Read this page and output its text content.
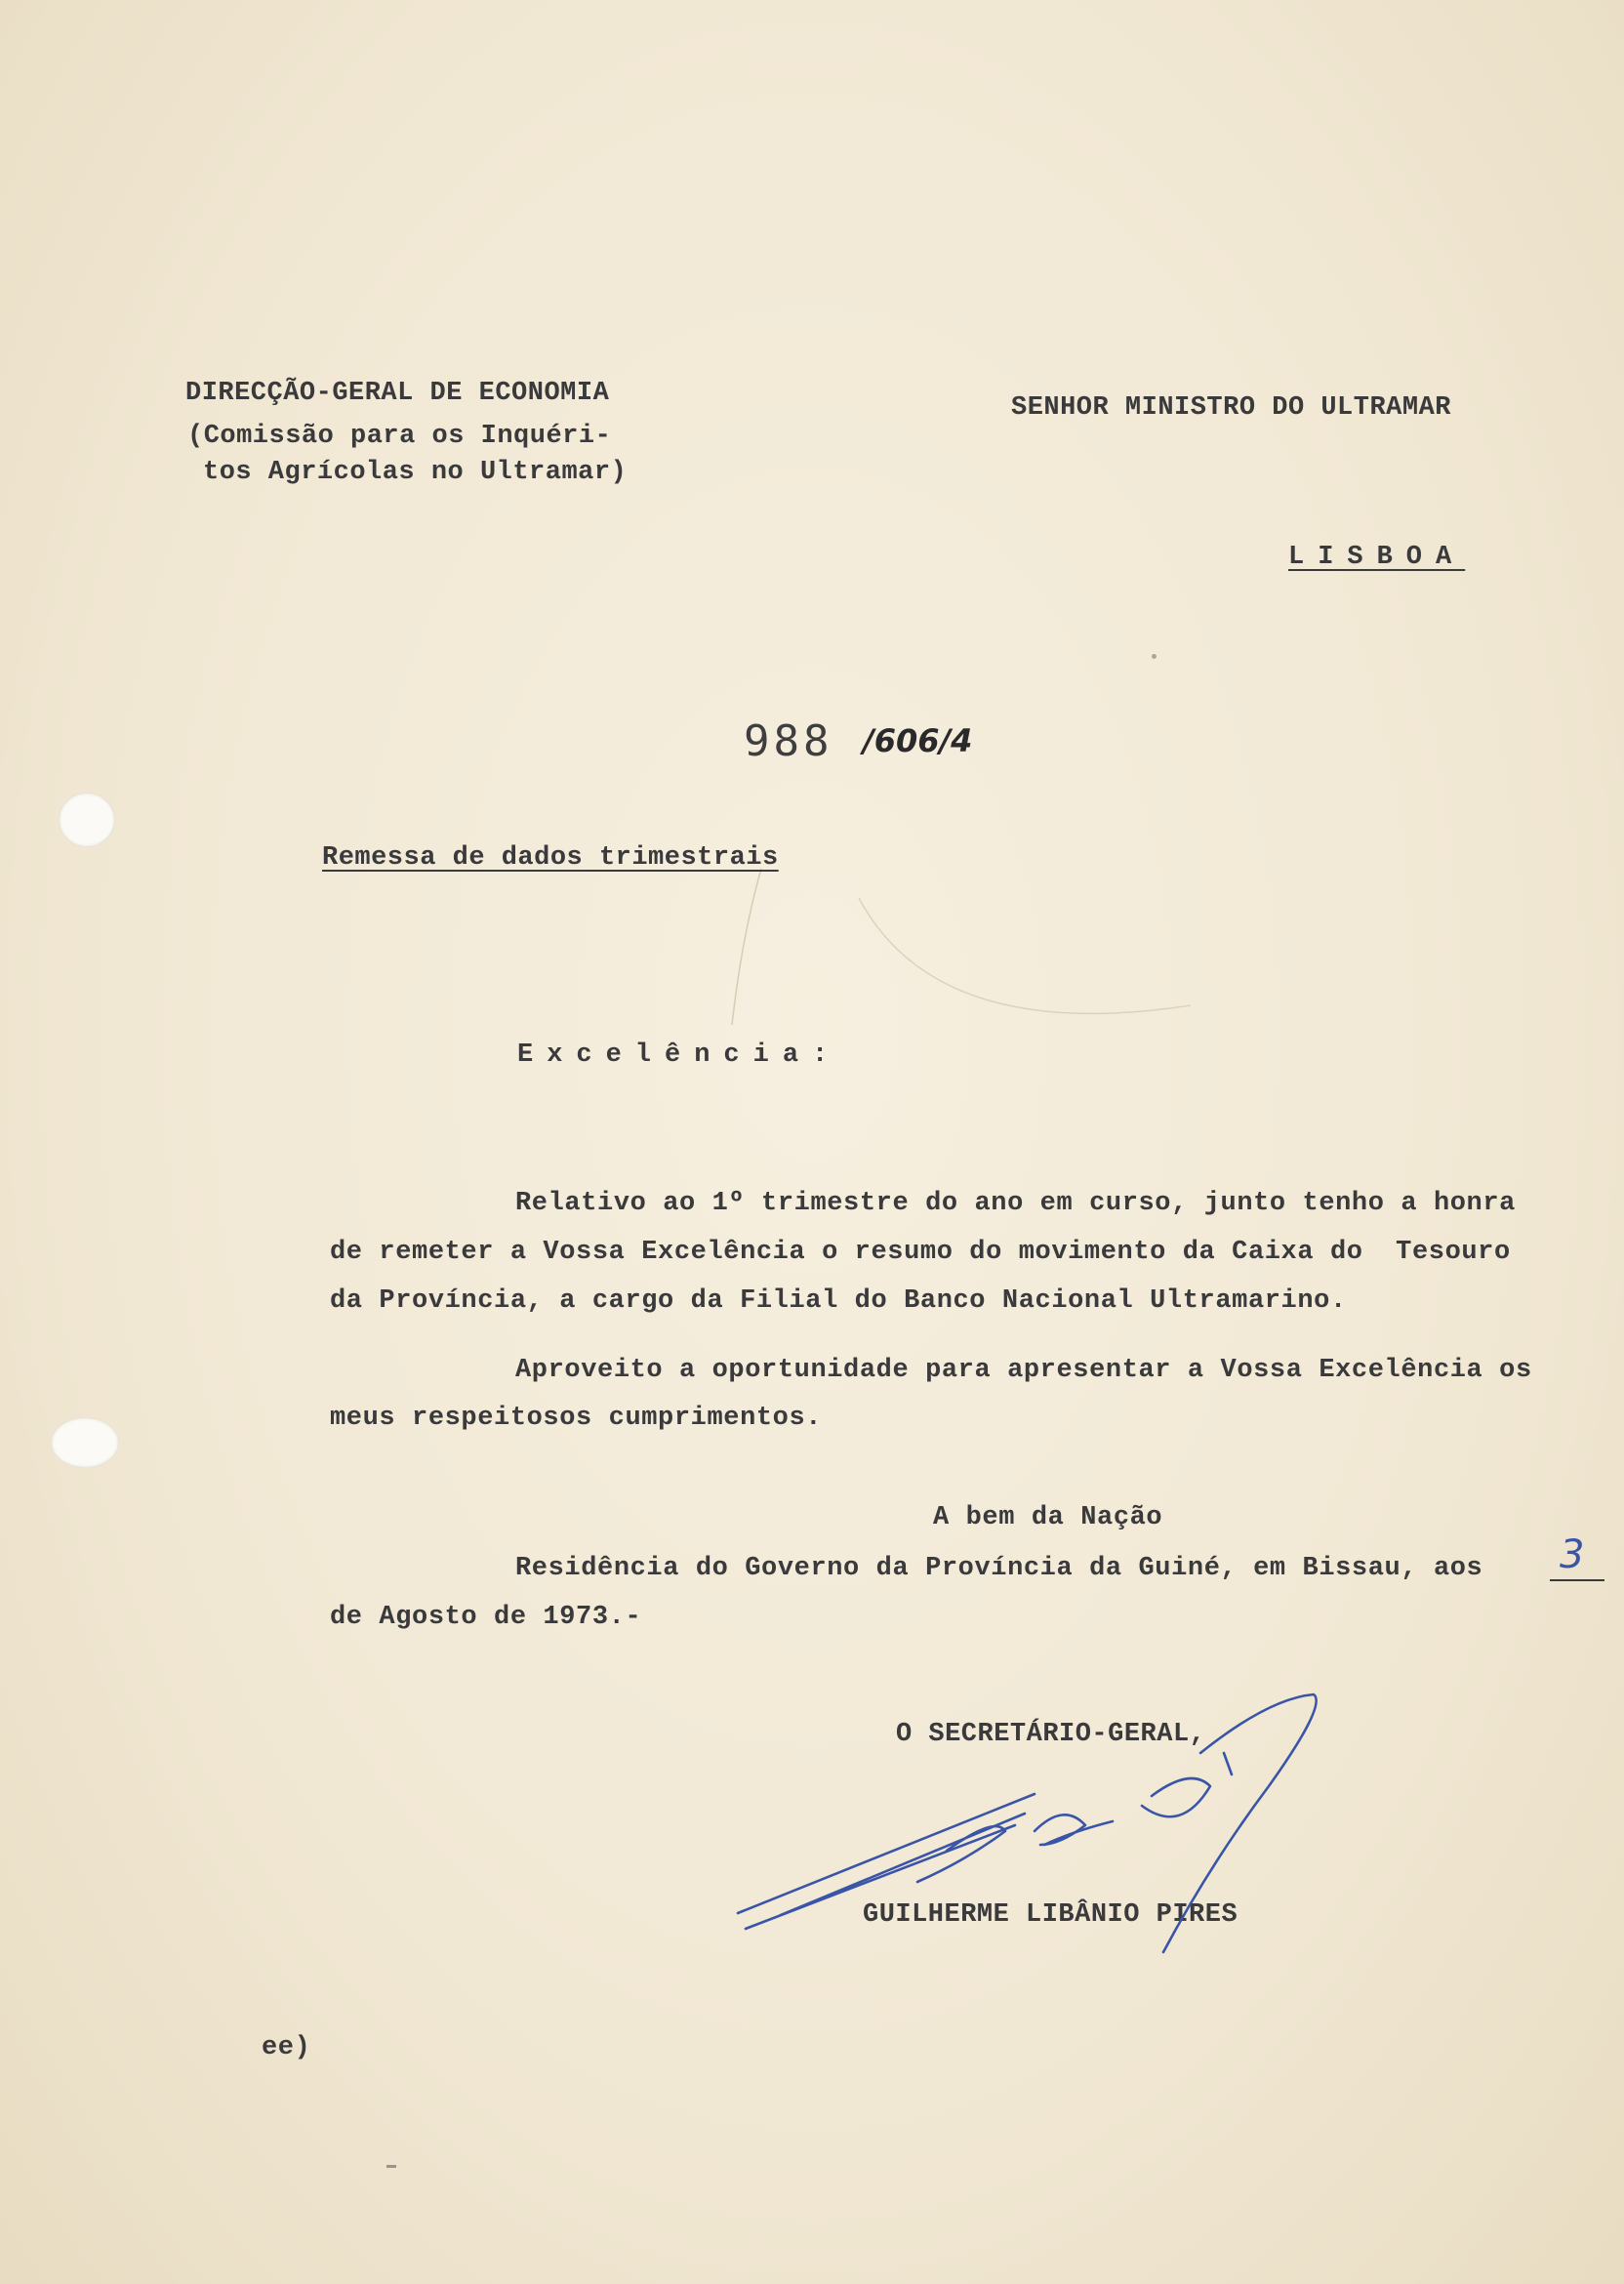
DIRECÇÃO-GERAL DE ECONOMIA
(Comissão para os Inquéri-
tos Agrícolas no Ultramar)
SENHOR MINISTRO DO ULTRAMAR
LISBOA
988 /606/4
Remessa de dados trimestrais
Excelência:
Relativo ao 1º trimestre do ano em curso, junto tenho a honra
de remeter a Vossa Excelência o resumo do movimento da Caixa do  Tesouro
da Província, a cargo da Filial do Banco Nacional Ultramarino.
Aproveito a oportunidade para apresentar a Vossa Excelência os
meus respeitosos cumprimentos.
A bem da Nação
Residência do Governo da Província da Guiné, em Bissau, aos 3
de Agosto de 1973.-
O SECRETÁRIO-GERAL,
GUILHERME LIBÂNIO PIRES
ee)
